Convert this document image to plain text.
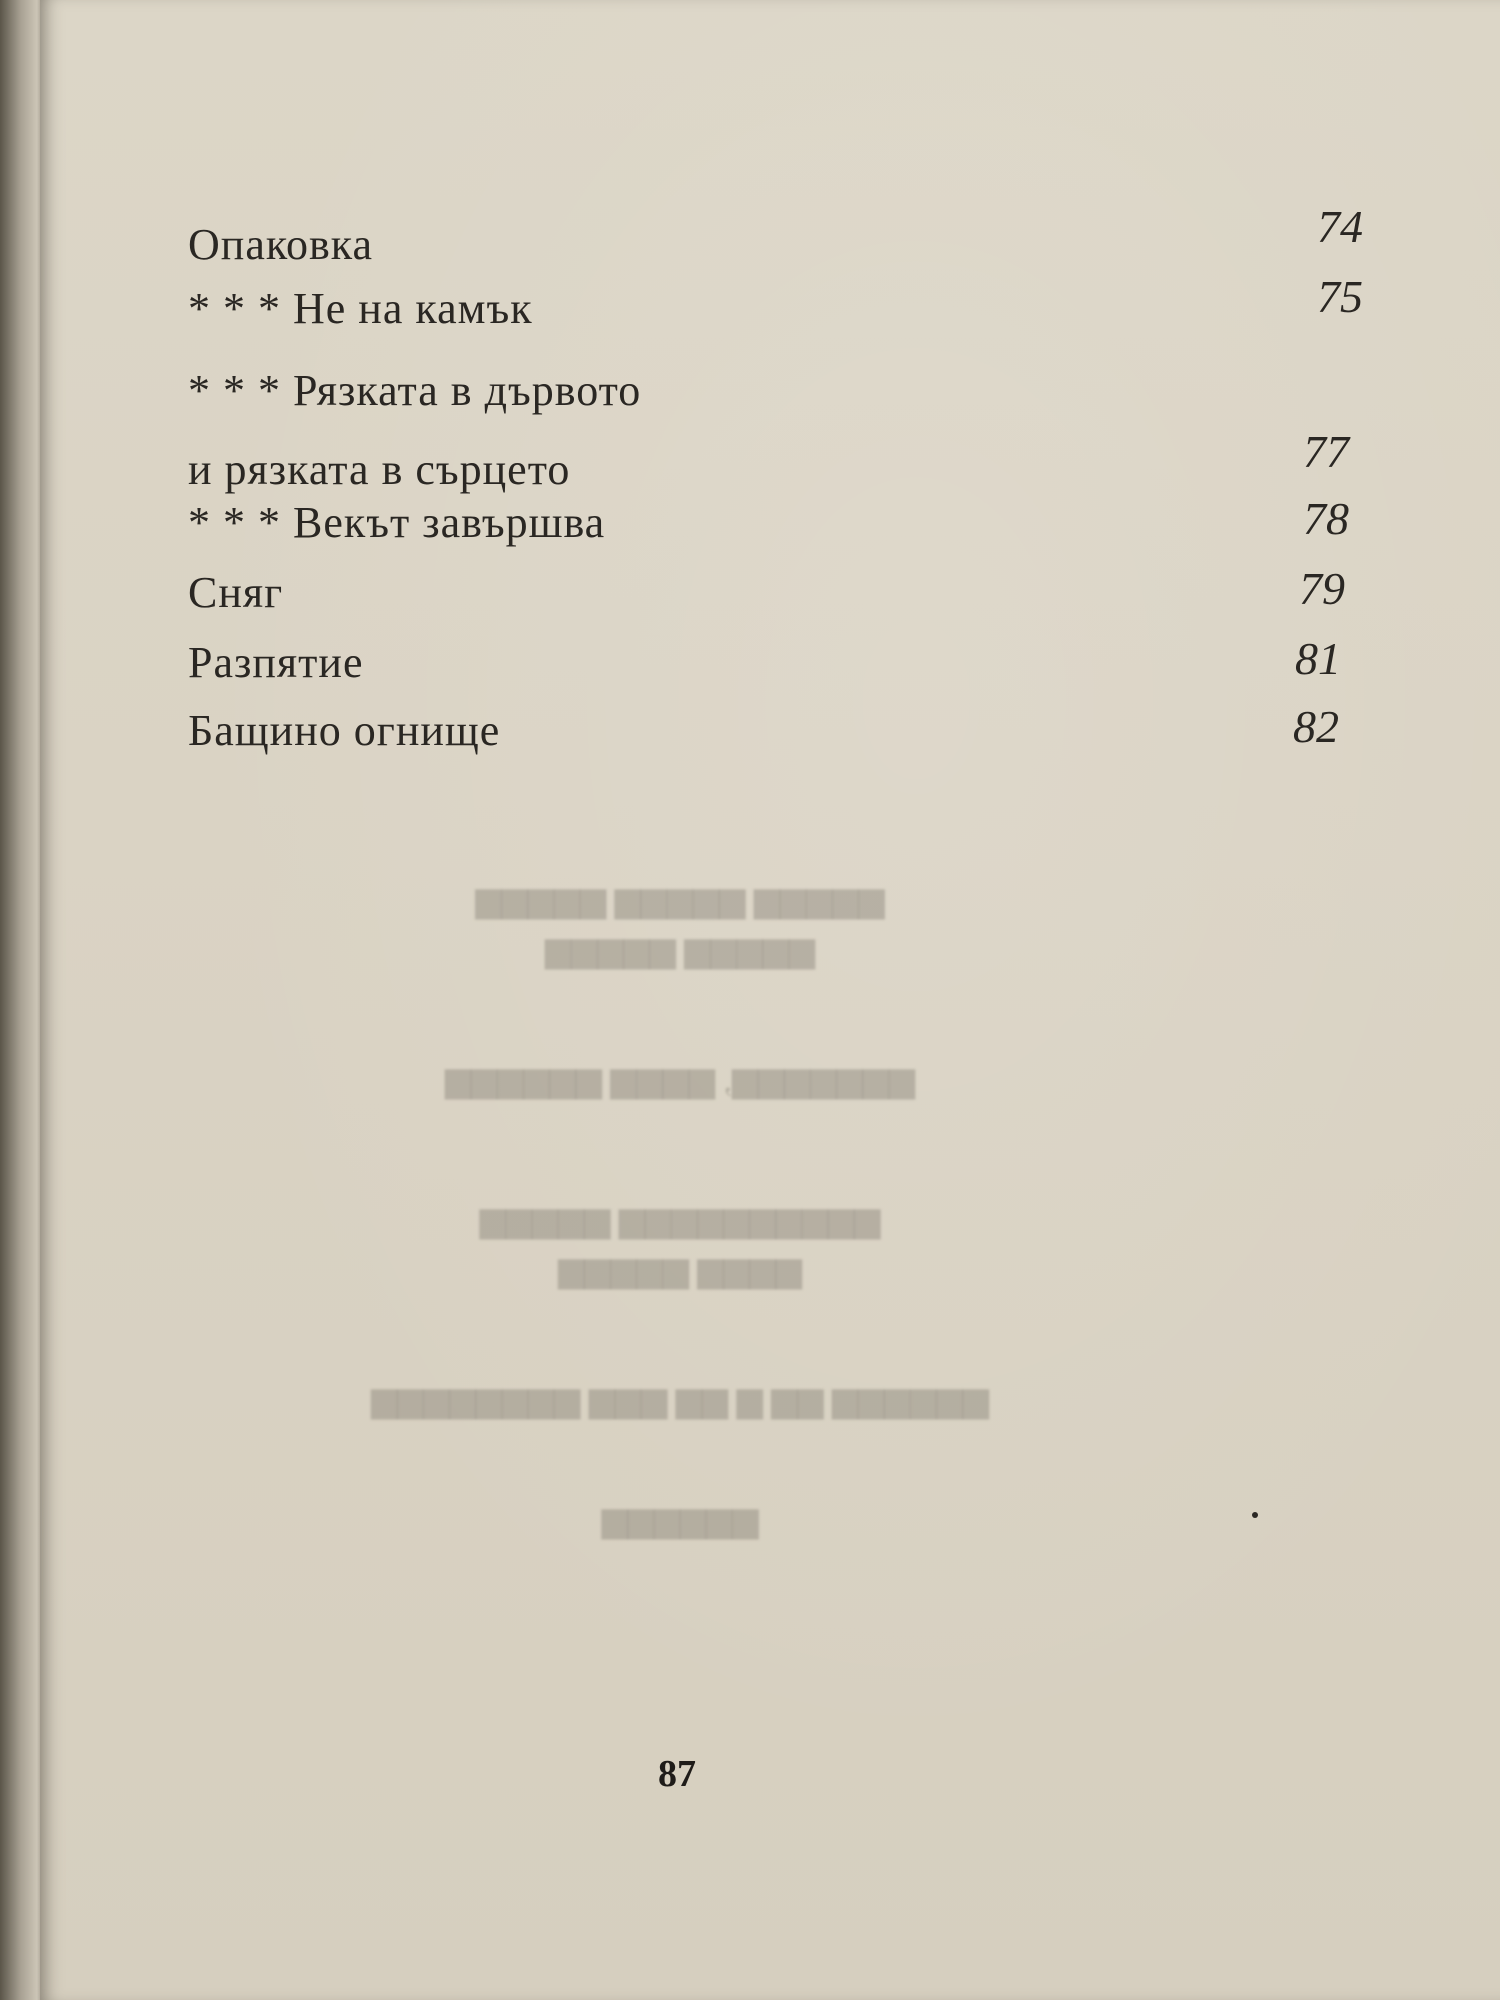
Опаковка	74
* * * Не на камък	75
* * * Рязката в дървото
и рязката в сърцето	77
* * * Векът завършва	78
Сняг	79
Разпятие	81
Бащино огнище	82
▆▆▆▆▆ ▆▆▆▆▆ ▆▆▆▆▆
▆▆▆▆▆ ▆▆▆▆▆
▆▆▆▆▆▆▆, ▆▆▆▆ ▆▆▆▆▆▆
▆▆▆▆▆▆▆▆▆▆ ▆▆▆▆▆
▆▆▆▆ ▆▆▆▆▆
▆▆▆▆▆▆ ▆▆ ▆ ▆▆ ▆▆▆ ▆▆▆▆▆▆▆▆
▆▆▆▆▆▆
87
